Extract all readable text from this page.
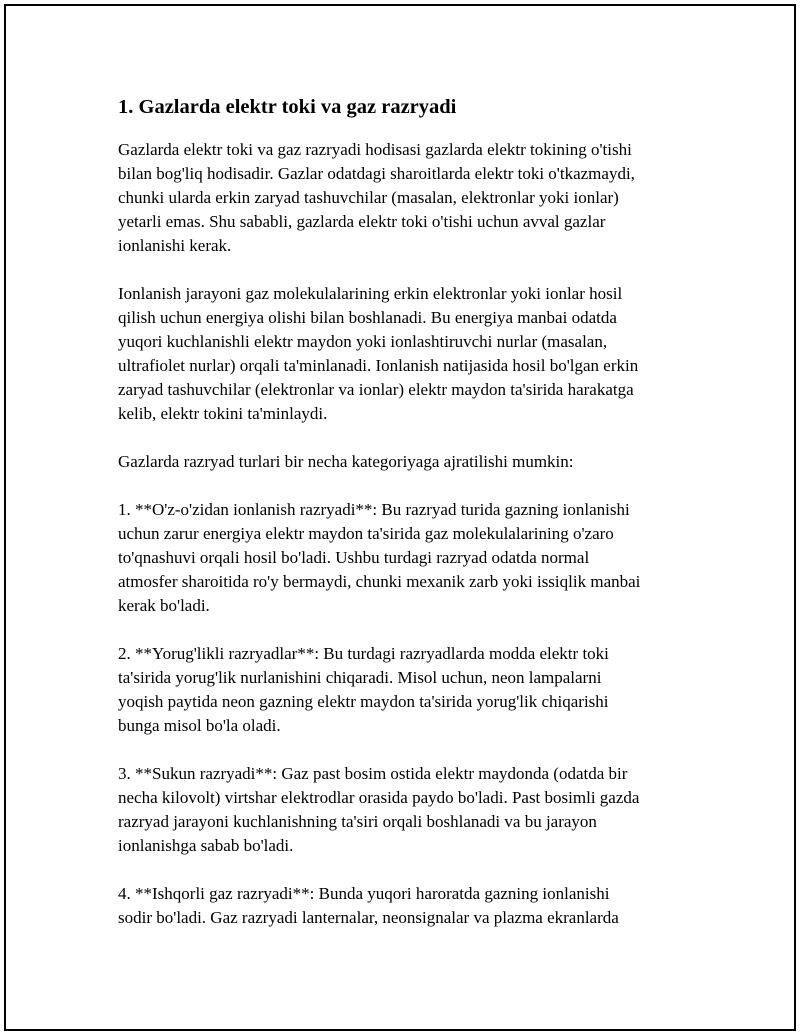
1. Gazlarda elektr toki va gaz razryadi
Gazlarda elektr toki va gaz razryadi hodisasi gazlarda elektr tokining o'tishi
bilan bog'liq hodisadir. Gazlar odatdagi sharoitlarda elektr toki o'tkazmaydi,
chunki ularda erkin zaryad tashuvchilar (masalan, elektronlar yoki ionlar)
yetarli emas. Shu sababli, gazlarda elektr toki o'tishi uchun avval gazlar
ionlanishi kerak.
Ionlanish jarayoni gaz molekulalarining erkin elektronlar yoki ionlar hosil
qilish uchun energiya olishi bilan boshlanadi. Bu energiya manbai odatda
yuqori kuchlanishli elektr maydon yoki ionlashtiruvchi nurlar (masalan,
ultrafiolet nurlar) orqali ta'minlanadi. Ionlanish natijasida hosil bo'lgan erkin
zaryad tashuvchilar (elektronlar va ionlar) elektr maydon ta'sirida harakatga
kelib, elektr tokini ta'minlaydi.
Gazlarda razryad turlari bir necha kategoriyaga ajratilishi mumkin:
1. **O'z-o'zidan ionlanish razryadi**: Bu razryad turida gazning ionlanishi
uchun zarur energiya elektr maydon ta'sirida gaz molekulalarining o'zaro
to'qnashuvi orqali hosil bo'ladi. Ushbu turdagi razryad odatda normal
atmosfer sharoitida ro'y bermaydi, chunki mexanik zarb yoki issiqlik manbai
kerak bo'ladi.
2. **Yorug'likli razryadlar**: Bu turdagi razryadlarda modda elektr toki
ta'sirida yorug'lik nurlanishini chiqaradi. Misol uchun, neon lampalarni
yoqish paytida neon gazning elektr maydon ta'sirida yorug'lik chiqarishi
bunga misol bo'la oladi.
3. **Sukun razryadi**: Gaz past bosim ostida elektr maydonda (odatda bir
necha kilovolt) virtshar elektrodlar orasida paydo bo'ladi. Past bosimli gazda
razryad jarayoni kuchlanishning ta'siri orqali boshlanadi va bu jarayon
ionlanishga sabab bo'ladi.
4. **Ishqorli gaz razryadi**: Bunda yuqori haroratda gazning ionlanishi
sodir bo'ladi. Gaz razryadi lanternalar, neonsignalar va plazma ekranlarda
